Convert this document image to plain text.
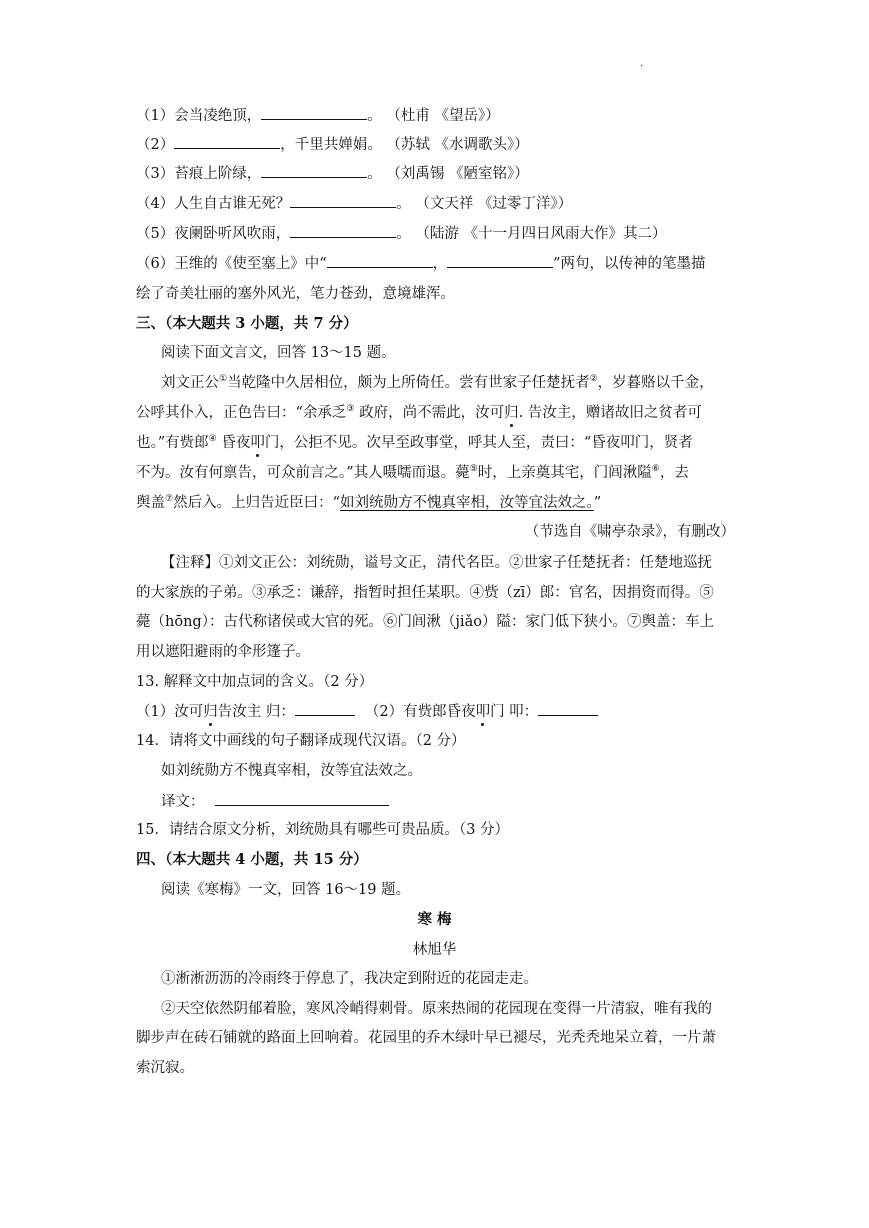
.
（1）会当凌绝顶，	。 （杜甫 《望岳》）
（2）	，千里共婵娟。 （苏轼 《水调歌头》）
（3）苔痕上阶绿，	。 （刘禹锡 《陋室铭》）
（4）人生自古谁无死？	。 （文天祥 《过零丁洋》）
（5）夜阑卧听风吹雨，	。 （陆游 《十一月四日风雨大作》其二）
（6）王维的《使至塞上》中“	，	”两句，以传神的笔墨描
绘了奇美壮丽的塞外风光，笔力苍劲，意境雄浑。
三、（本大题共 3 小题，共 7 分）
阅读下面文言文，回答 13～15 题。
刘文正公①当乾隆中久居相位，颇为上所倚任。尝有世家子任楚抚者②，岁暮赂以千金，
公呼其仆入，正色告曰：“余承乏③ 政府，尚不需此，汝可归. 告汝主，赠诸故旧之贫者可
也。”有赀郎④ 昏夜叩门，公拒不见。次早至政事堂，呼其人至，责曰：“昏夜叩门，贤者
不为。汝有何禀告，可众前言之。”其人嗫嚅而退。薨⑤时，上亲奠其宅，门闾湫隘⑥，去
舆盖⑦然后入。上归告近臣曰：“如刘统勋方不愧真宰相，汝等宜法效之。”
（节选自《啸亭杂录》，有删改）
【注释】①刘文正公：刘统勋，谥号文正，清代名臣。②世家子任楚抚者：任楚地巡抚
的大家族的子弟。③承乏：谦辞，指暂时担任某职。④赀（zī）郎：官名，因捐资而得。⑤
薨（hōng）：古代称诸侯或大官的死。⑥门闾湫（jiǎo）隘：家门低下狭小。⑦舆盖：车上
用以遮阳避雨的伞形篷子。
13. 解释文中加点词的含义。（2 分）
（1）汝可归告汝主 归：	（2）有赀郎昏夜叩门 叩：
14．请将文中画线的句子翻译成现代汉语。（2 分）
如刘统勋方不愧真宰相，汝等宜法效之。
译文：
15．请结合原文分析，刘统勋具有哪些可贵品质。（3 分）
四、（本大题共 4 小题，共 15 分）
阅读《寒梅》一文，回答 16～19 题。
寒 梅
林旭华
①淅淅沥沥的冷雨终于停息了，我决定到附近的花园走走。
②天空依然阴郁着脸，寒风冷峭得刺骨。原来热闹的花园现在变得一片清寂，唯有我的
脚步声在砖石铺就的路面上回响着。花园里的乔木绿叶早已褪尽，光秃秃地呆立着，一片萧
索沉寂。
